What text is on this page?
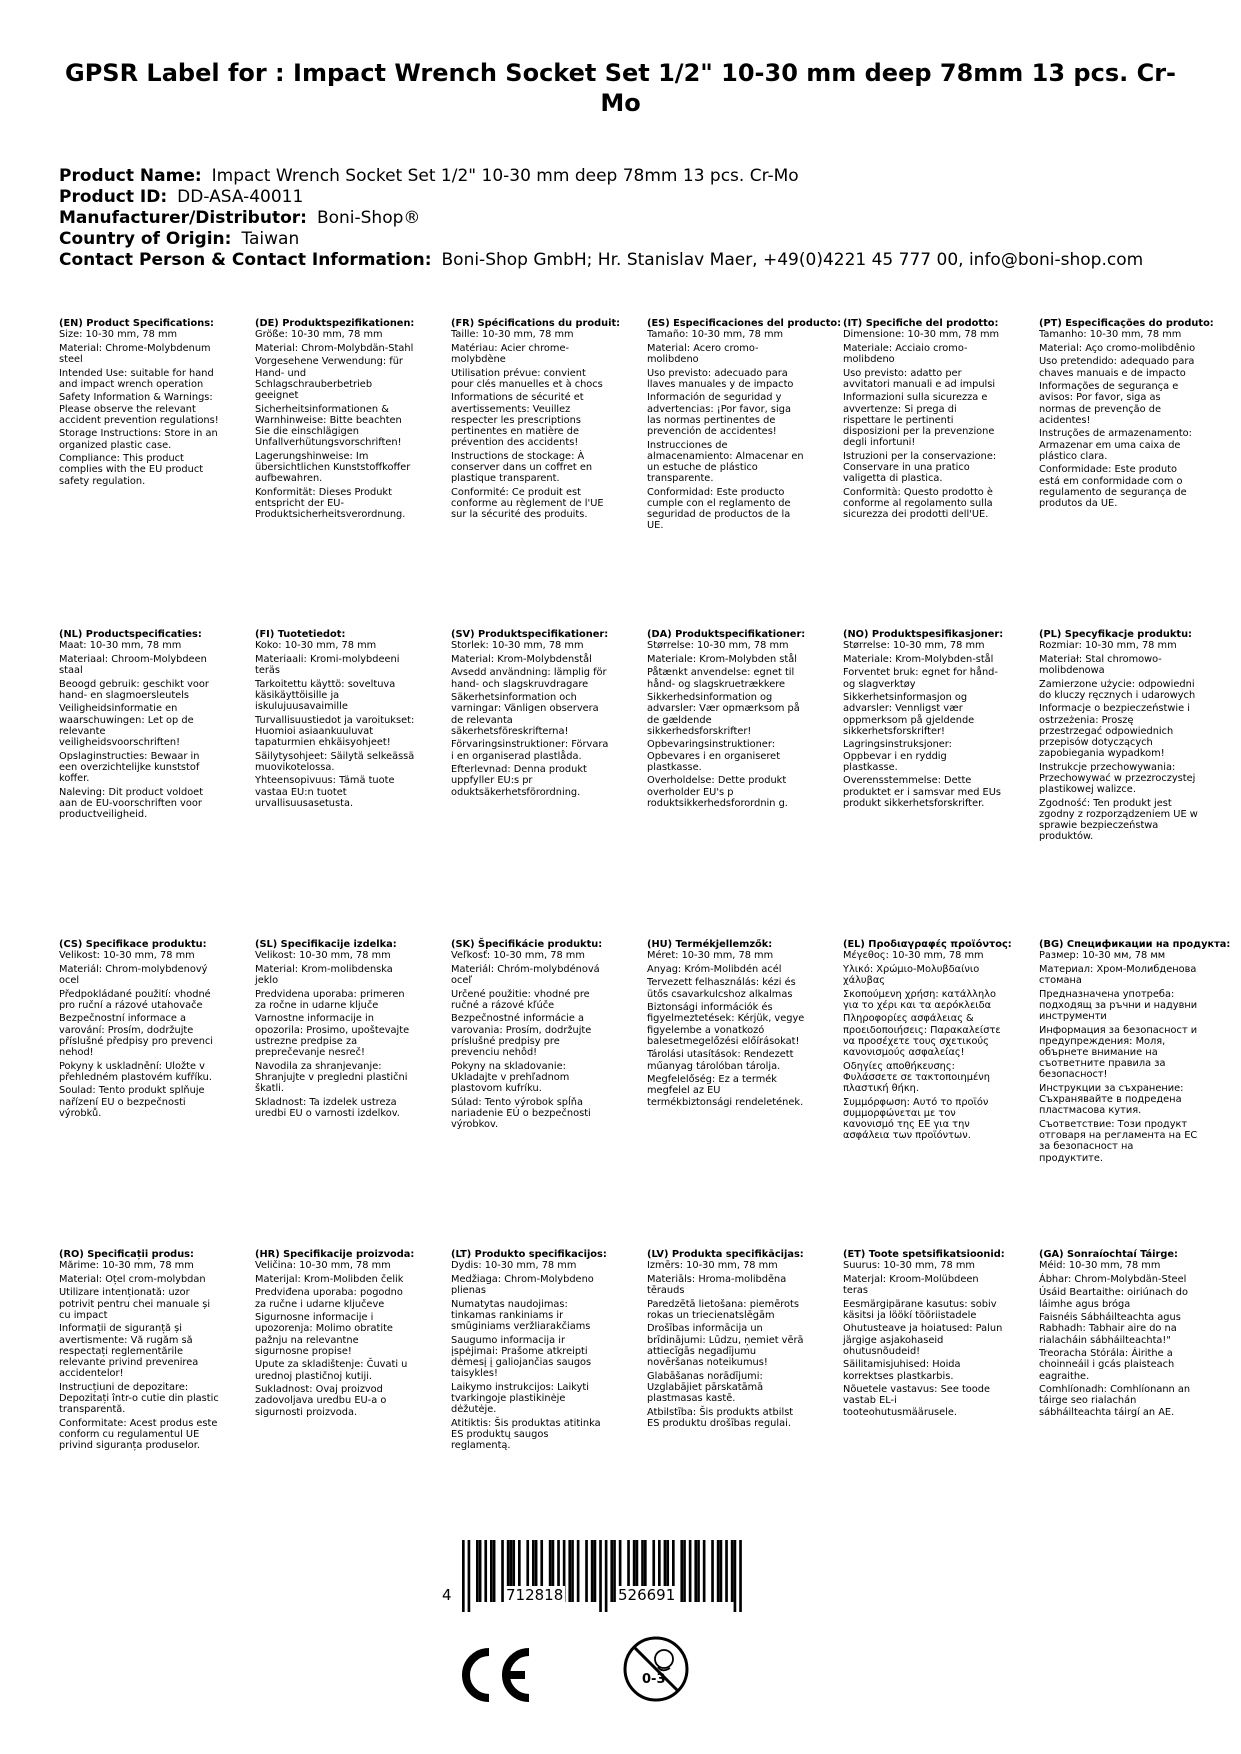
GPSR Label for : Impact Wrench Socket Set 1/2" 10-30 mm deep 78mm 13 pcs. Cr-Mo
Product Name: Impact Wrench Socket Set 1/2" 10-30 mm deep 78mm 13 pcs. Cr-Mo
Product ID: DD-ASA-40011
Manufacturer/Distributor: Boni-Shop®
Country of Origin: Taiwan
Contact Person & Contact Information: Boni-Shop GmbH; Hr. Stanislav Maer, +49(0)4221 45 777 00, info@boni-shop.com
(EN) Product Specifications:
Size: 10-30 mm, 78 mm
Material: Chrome-Molybdenum steel
Intended Use: suitable for hand and impact wrench operation
Safety Information & Warnings: Please observe the relevant accident prevention regulations!
Storage Instructions: Store in an organized plastic case.
Compliance: This product complies with the EU product safety regulation.
(DE) Produktspezifikationen:
Größe: 10-30 mm, 78 mm
Material: Chrom-Molybdän-Stahl
Vorgesehene Verwendung: für Hand- und Schlagschrauberbetrieb geeignet
Sicherheitsinformationen & Warnhinweise: Bitte beachten Sie die einschlägigen Unfallverhütungsvorschriften!
Lagerungshinweise: Im übersichtlichen Kunststoffkoffer aufbewahren.
Konformität: Dieses Produkt entspricht der EU-Produktsicherheitsverordnung.
(FR) Spécifications du produit:
Taille: 10-30 mm, 78 mm
Matériau: Acier chrome-molybdène
Utilisation prévue: convient pour clés manuelles et à chocs
Informations de sécurité et avertissements: Veuillez respecter les prescriptions pertinentes en matière de prévention des accidents!
Instructions de stockage: À conserver dans un coffret en plastique transparent.
Conformité: Ce produit est conforme au règlement de l'UE sur la sécurité des produits.
(ES) Especificaciones del producto:
Tamaño: 10-30 mm, 78 mm
Material: Acero cromo-molibdeno
Uso previsto: adecuado para llaves manuales y de impacto
Información de seguridad y advertencias: ¡Por favor, siga las normas pertinentes de prevención de accidentes!
Instrucciones de almacenamiento: Almacenar en un estuche de plástico transparente.
Conformidad: Este producto cumple con el reglamento de seguridad de productos de la UE.
(IT) Specifiche del prodotto:
Dimensione: 10-30 mm, 78 mm
Materiale: Acciaio cromo-molibdeno
Uso previsto: adatto per avvitatori manuali e ad impulsi
Informazioni sulla sicurezza e avvertenze: Si prega di rispettare le pertinenti disposizioni per la prevenzione degli infortuni!
Istruzioni per la conservazione: Conservare in una pratico valigetta di plastica.
Conformità: Questo prodotto è conforme al regolamento sulla sicurezza dei prodotti dell'UE.
(PT) Especificações do produto:
Tamanho: 10-30 mm, 78 mm
Material: Aço cromo-molibdênio
Uso pretendido: adequado para chaves manuais e de impacto
Informações de segurança e avisos: Por favor, siga as normas de prevenção de acidentes!
Instruções de armazenamento: Armazenar em uma caixa de plástico clara.
Conformidade: Este produto está em conformidade com o regulamento de segurança de produtos da UE.
(NL) Productspecificaties:
Maat: 10-30 mm, 78 mm
Materiaal: Chroom-Molybdeen staal
Beoogd gebruik: geschikt voor hand- en slagmoersleutels
Veiligheidsinformatie en waarschuwingen: Let op de relevante veiligheidsvoorschriften!
Opslaginstructies: Bewaar in een overzichtelijke kunststof koffer.
Naleving: Dit product voldoet aan de EU-voorschriften voor productveiligheid.
(FI) Tuotetiedot:
Koko: 10-30 mm, 78 mm
Materiaali: Kromi-molybdeeni teräs
Tarkoitettu käyttö: soveltuva käsikäyttöisille ja iskulujuusavaimille
Turvallisuustiedot ja varoitukset: Huomioi asiaankuuluvat tapaturmien ehkäisyohjeet!
Säilytysohjeet: Säilytä selkeässä muovikotelossa.
Yhteensopivuus: Tämä tuote vastaa EU:n tuotet urvallisuusasetusta.
(SV) Produktspecifikationer:
Storlek: 10-30 mm, 78 mm
Material: Krom-Molybdenstål
Avsedd användning: lämplig för hand- och slagskruvdragare
Säkerhetsinformation och varningar: Vänligen observera de relevanta säkerhetsföreskrifterna!
Förvaringsinstruktioner: Förvara i en organiserad plastlåda.
Efterlevnad: Denna produkt uppfyller EU:s pr oduktsäkerhetsförordning.
(DA) Produktspecifikationer:
Størrelse: 10-30 mm, 78 mm
Materiale: Krom-Molybden stål
Påtænkt anvendelse: egnet til hånd- og slagskruetrækkere
Sikkerhedsinformation og advarsler: Vær opmærksom på de gældende sikkerhedsforskrifter!
Opbevaringsinstruktioner: Opbevares i en organiseret plastkasse.
Overholdelse: Dette produkt overholder EU's p roduktsikkerhedsforordnin g.
(NO) Produktspesifikasjoner:
Størrelse: 10-30 mm, 78 mm
Materiale: Krom-Molybden-stål
Forventet bruk: egnet for hånd- og slagverktøy
Sikkerhetsinformasjon og advarsler: Vennligst vær oppmerksom på gjeldende sikkerhetsforskrifter!
Lagringsinstruksjoner: Oppbevar i en ryddig plastkasse.
Overensstemmelse: Dette produktet er i samsvar med EUs produkt sikkerhetsforskrifter.
(PL) Specyfikacje produktu:
Rozmiar: 10-30 mm, 78 mm
Materiał: Stal chromowo-molibdenowa
Zamierzone użycie: odpowiedni do kluczy ręcznych i udarowych
Informacje o bezpieczeństwie i ostrzeżenia: Proszę przestrzegać odpowiednich przepisów dotyczących zapobiegania wypadkom!
Instrukcje przechowywania: Przechowywać w przezroczystej plastikowej walizce.
Zgodność: Ten produkt jest zgodny z rozporządzeniem UE w sprawie bezpieczeństwa produktów.
(CS) Specifikace produktu:
Velikost: 10-30 mm, 78 mm
Materiál: Chrom-molybdenový ocel
Předpokládané použití: vhodné pro ruční a rázové utahovače
Bezpečnostní informace a varování: Prosím, dodržujte příslušné předpisy pro prevenci nehod!
Pokyny k uskladnění: Uložte v přehledném plastovém kufříku.
Soulad: Tento produkt splňuje nařízení EU o bezpečnosti výrobků.
(SL) Specifikacije izdelka:
Velikost: 10-30 mm, 78 mm
Material: Krom-molibdenska jeklo
Predvidena uporaba: primeren za ročne in udarne ključe
Varnostne informacije in opozorila: Prosimo, upoštevajte ustrezne predpise za preprečevanje nesreč!
Navodila za shranjevanje: Shranjujte v pregledni plastični škatli.
Skladnost: Ta izdelek ustreza uredbi EU o varnosti izdelkov.
(SK) Špecifikácie produktu:
Veľkosť: 10-30 mm, 78 mm
Materiál: Chróm-molybdénová oceľ
Určené použitie: vhodné pre ručné a rázové kľúče
Bezpečnostné informácie a varovania: Prosím, dodržujte príslušné predpisy pre prevenciu nehôd!
Pokyny na skladovanie: Ukladajte v prehľadnom plastovom kufríku.
Súlad: Tento výrobok spĺňa nariadenie EÚ o bezpečnosti výrobkov.
(HU) Termékjellemzők:
Méret: 10-30 mm, 78 mm
Anyag: Króm-Molibdén acél
Tervezett felhasználás: kézi és ütős csavarkulcshoz alkalmas
Biztonsági információk és figyelmeztetések: Kérjük, vegye figyelembe a vonatkozó balesetmegelőzési előírásokat!
Tárolási utasítások: Rendezett műanyag tárolóban tárolja.
Megfelelőség: Ez a termék megfelel az EU termékbiztonsági rendeletének.
(EL) Προδιαγραφές προϊόντος:
Μέγεθος: 10-30 mm, 78 mm
Υλικό: Χρώμιο-Μολυβδαίνιο χάλυβας
Σκοπούμενη χρήση: κατάλληλο για το χέρι και τα αερόκλειδα
Πληροφορίες ασφάλειας & προειδοποιήσεις: Παρακαλείστε να προσέχετε τους σχετικούς κανονισμούς ασφαλείας!
Οδηγίες αποθήκευσης: Φυλάσσετε σε τακτοποιημένη πλαστική θήκη.
Συμμόρφωση: Αυτό το προϊόν συμμορφώνεται με τον κανονισμό της ΕΕ για την ασφάλεια των προϊόντων.
(BG) Спецификации на продукта:
Размер: 10-30 мм, 78 мм
Материал: Хром-Молибденова стомана
Предназначена употреба: подходящ за ръчни и надувни инструменти
Информация за безопасност и предупреждения: Моля, обърнете внимание на съответните правила за безопасност!
Инструкции за съхранение: Съхранявайте в подредена пластмасова кутия.
Съответствие: Този продукт отговаря на регламента на ЕС за безопасност на продуктите.
(RO) Specificații produs:
Mărime: 10-30 mm, 78 mm
Material: Oțel crom-molybdan
Utilizare intenționată: uzor potrivit pentru chei manuale și cu impact
Informații de siguranță și avertismente: Vă rugăm să respectați reglementările relevante privind prevenirea accidentelor!
Instrucțiuni de depozitare: Depozitați într-o cutie din plastic transparentă.
Conformitate: Acest produs este conform cu regulamentul UE privind siguranța produselor.
(HR) Specifikacije proizvoda:
Veličina: 10-30 mm, 78 mm
Materijal: Krom-Molibden čelik
Predviđena uporaba: pogodno za ručne i udarne ključeve
Sigurnosne informacije i upozorenja: Molimo obratite pažnju na relevantne sigurnosne propise!
Upute za skladištenje: Čuvati u urednoj plastičnoj kutiji.
Sukladnost: Ovaj proizvod zadovoljava uredbu EU-a o sigurnosti proizvoda.
(LT) Produkto specifikacijos:
Dydis: 10-30 mm, 78 mm
Medžiaga: Chrom-Molybdeno plienas
Numatytas naudojimas: tinkamas rankiniams ir smūginiams veržliarakčiams
Saugumo informacija ir įspėjimai: Prašome atkreipti dėmesį į galiojančias saugos taisykles!
Laikymo instrukcijos: Laikyti tvarkingoje plastikinėje dėžutėje.
Atitiktis: Šis produktas atitinka ES produktų saugos reglamentą.
(LV) Produkta specifikācijas:
Izmērs: 10-30 mm, 78 mm
Materiāls: Hroma-molibdēna tērauds
Paredzētā lietošana: piemērots rokas un triecienatslēgām
Drošības informācija un brīdinājumi: Lūdzu, ņemiet vērā attiecīgās negadījumu novēršanas noteikumus!
Glabāšanas norādījumi: Uzglabājiet pārskatāmā plastmasas kastē.
Atbilstība: Šis produkts atbilst ES produktu drošības regulai.
(ET) Toote spetsifikatsioonid:
Suurus: 10-30 mm, 78 mm
Materjal: Kroom-Molübdeen teras
Eesmärgipärane kasutus: sobiv käsitsi ja löökí tööriistadele
Ohutusteave ja hoiatused: Palun järgige asjakohaseid ohutusnõudeid!
Säilitamisjuhised: Hoida korrektses plastkarbis.
Nõuetele vastavus: See toode vastab EL-i tooteohutusmäärusele.
(GA) Sonraíochtaí Táirge:
Méid: 10-30 mm, 78 mm
Ábhar: Chrom-Molybdän-Steel
Úsáid Beartaithe: oiriúnach do láimhe agus bróga
Faisnéis Sábháilteachta agus Rabhadh: Tabhair aire do na rialacháin sábháilteachta!"
Treoracha Stórála: Áirithe a choinneáil i gcás plaisteach eagraithe.
Comhlíonadh: Comhlíonann an táirge seo rialachán sábháilteachta táirgí an AE.
4	712818	526691
0-3
